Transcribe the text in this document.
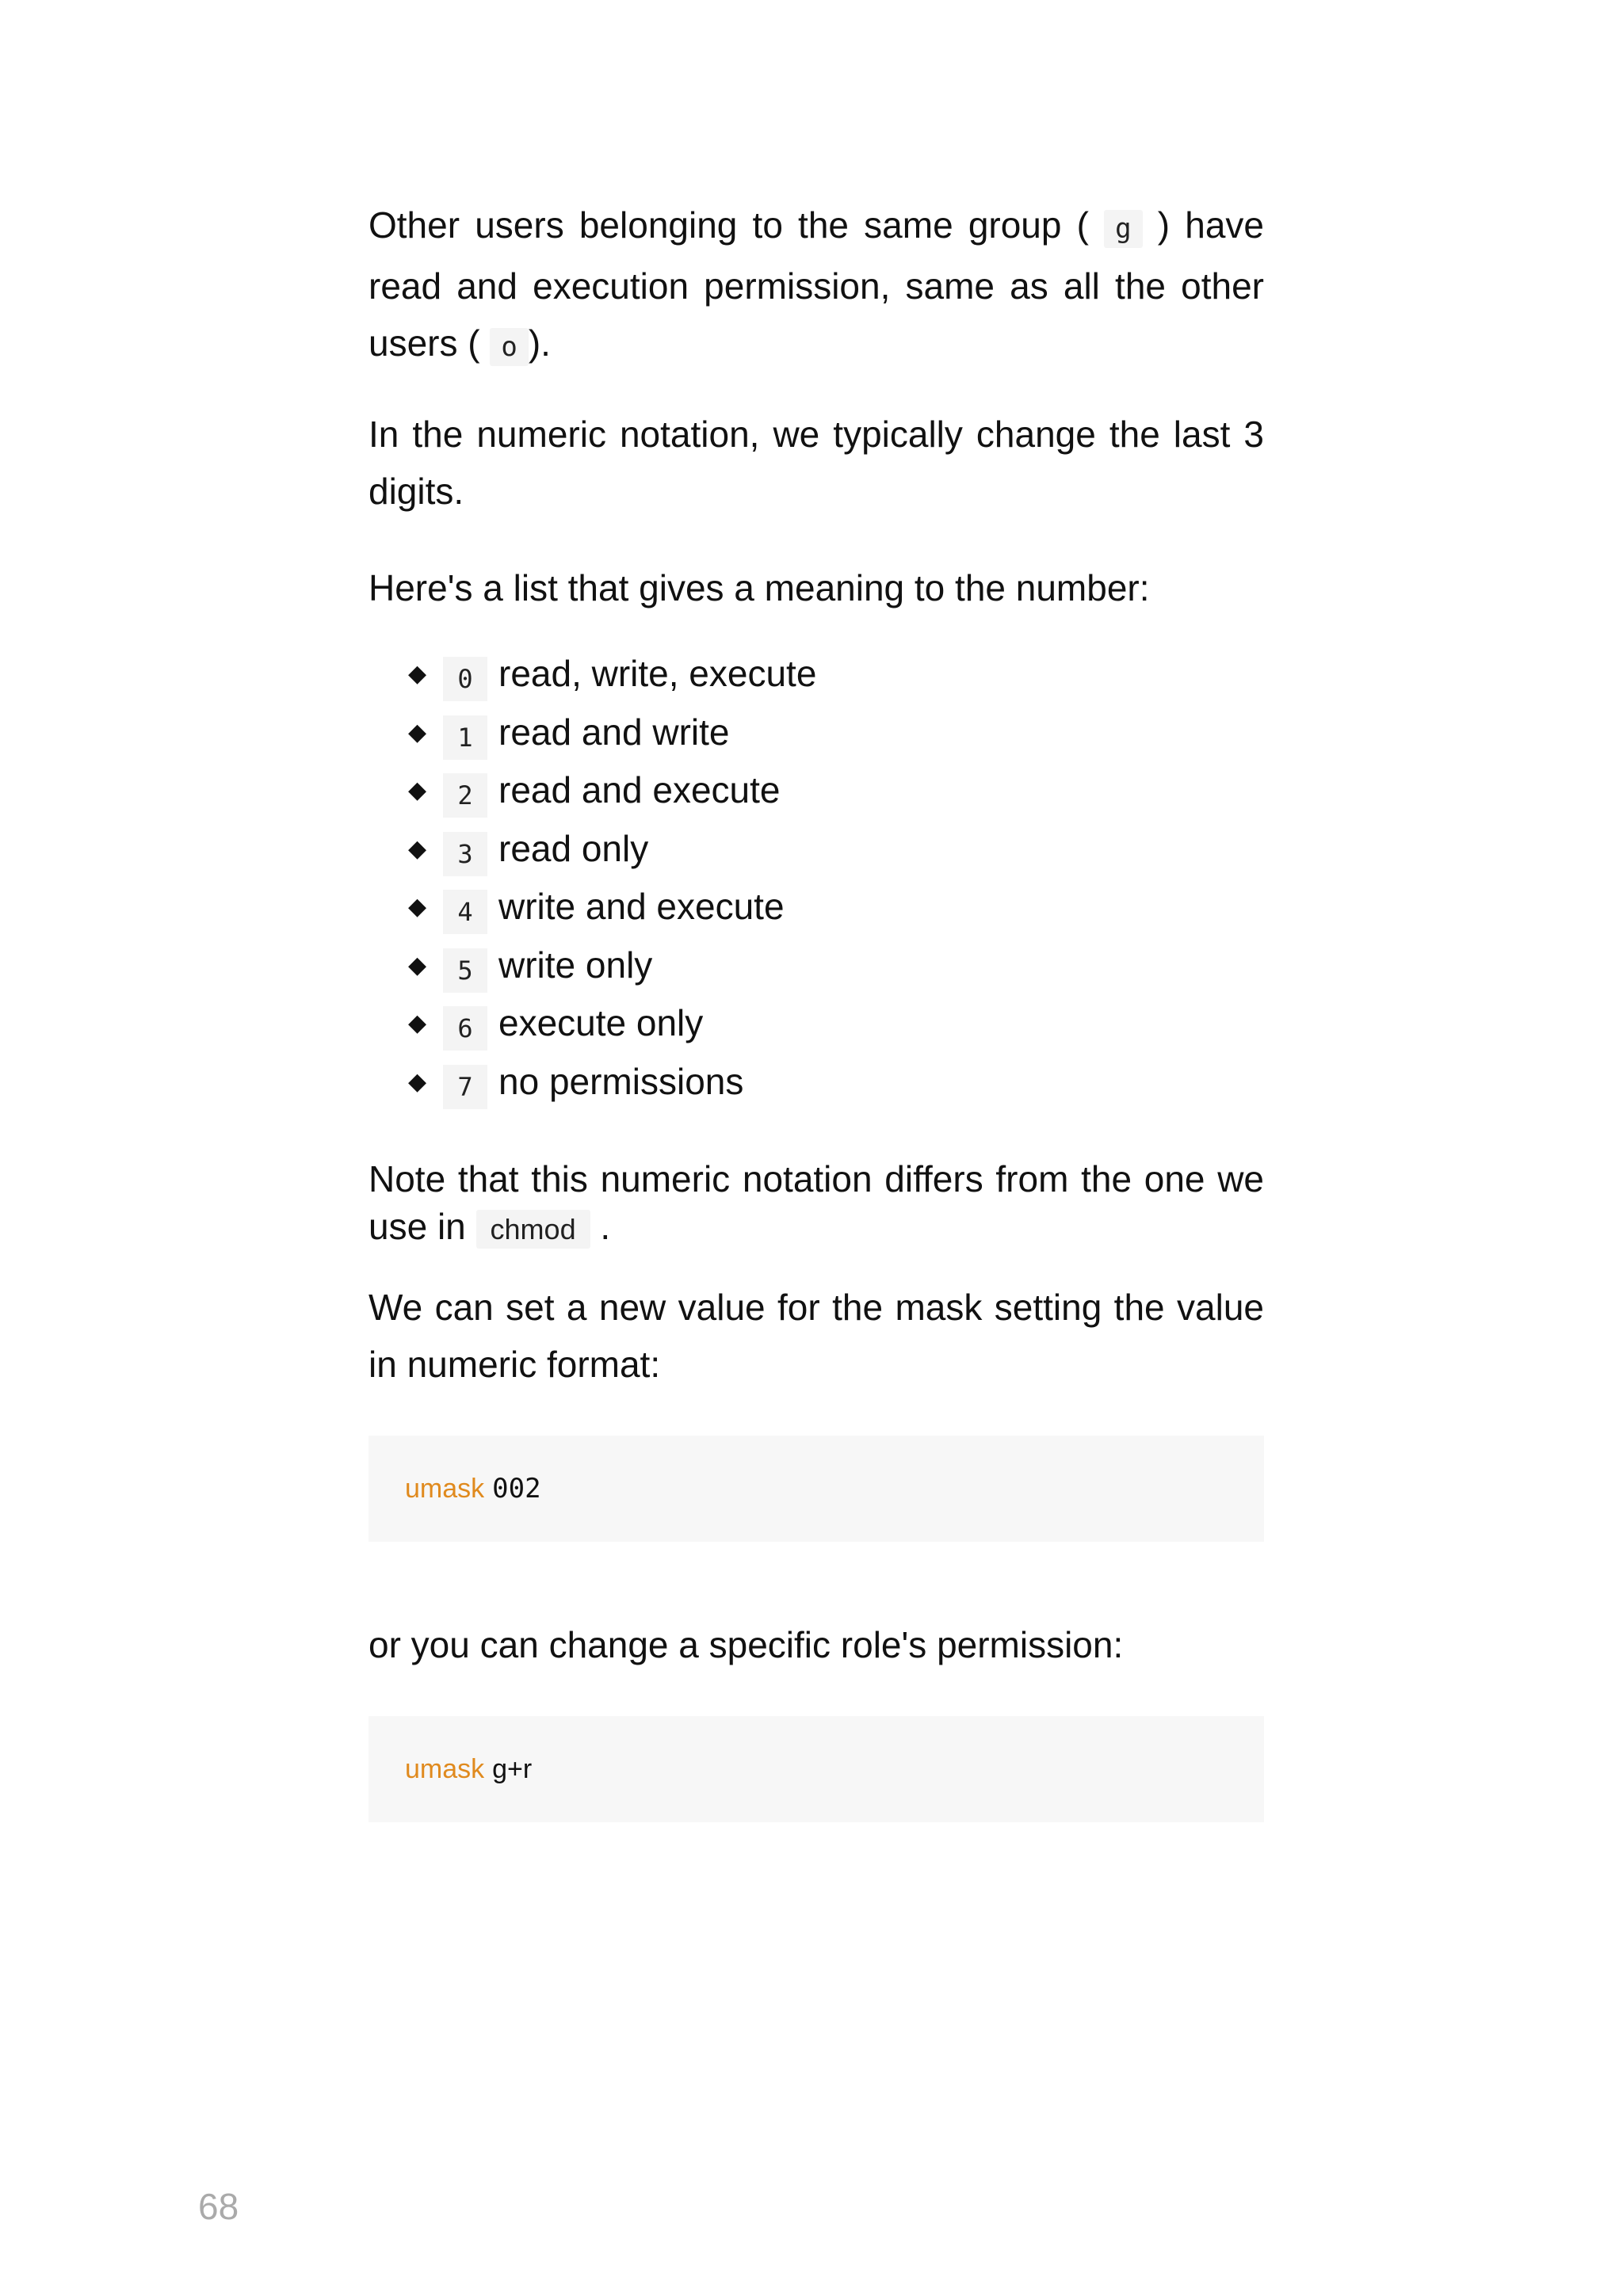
Other users belonging to the same group ( g ) have read and execution permission, same as all the other users ( o ).

In the numeric notation, we typically change the last 3 digits.

Here's a list that gives a meaning to the number:

◆ 0 read, write, execute
◆ 1 read and write
◆ 2 read and execute
◆ 3 read only
◆ 4 write and execute
◆ 5 write only
◆ 6 execute only
◆ 7 no permissions

Note that this numeric notation differs from the one we use in chmod .

We can set a new value for the mask setting the value in numeric format:

umask 002

or you can change a specific role's permission:

umask g+r
68
